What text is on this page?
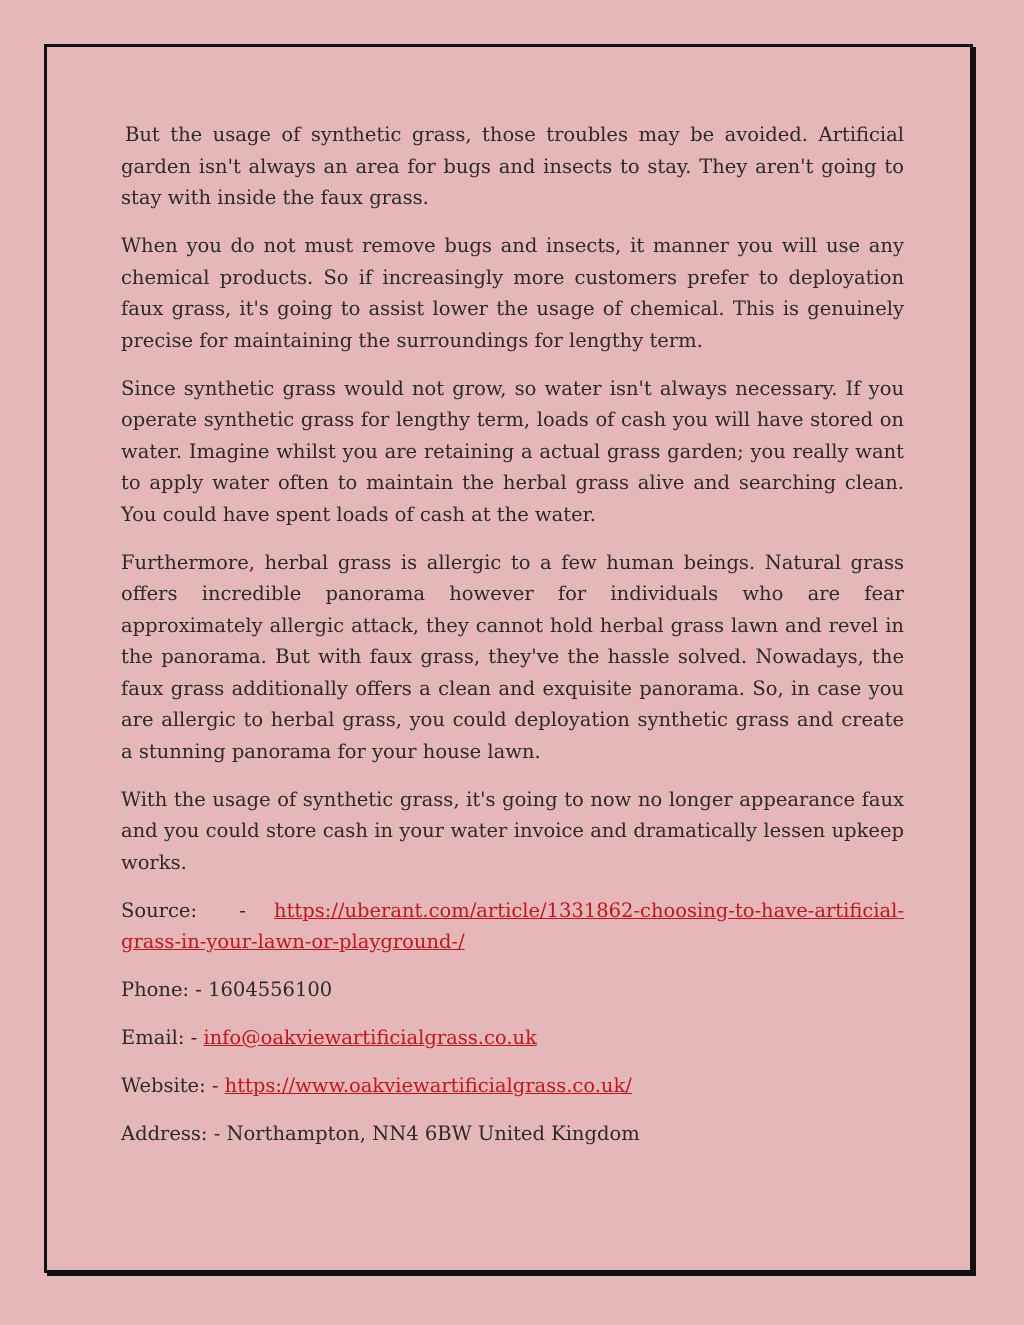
But the usage of synthetic grass, those troubles may be avoided. Artificial garden isn't always an area for bugs and insects to stay. They aren't going to stay with inside the faux grass.

When you do not must remove bugs and insects, it manner you will use any chemical products. So if increasingly more customers prefer to deployation faux grass, it's going to assist lower the usage of chemical. This is genuinely precise for maintaining the surroundings for lengthy term.

Since synthetic grass would not grow, so water isn't always necessary. If you operate synthetic grass for lengthy term, loads of cash you will have stored on water. Imagine whilst you are retaining a actual grass garden; you really want to apply water often to maintain the herbal grass alive and searching clean. You could have spent loads of cash at the water.

Furthermore, herbal grass is allergic to a few human beings. Natural grass offers incredible panorama however for individuals who are fear approximately allergic attack, they cannot hold herbal grass lawn and revel in the panorama. But with faux grass, they've the hassle solved. Nowadays, the faux grass additionally offers a clean and exquisite panorama. So, in case you are allergic to herbal grass, you could deployation synthetic grass and create a stunning panorama for your house lawn.

With the usage of synthetic grass, it's going to now no longer appearance faux and you could store cash in your water invoice and dramatically lessen upkeep works.

Source: - https://uberant.com/article/1331862-choosing-to-have-artificial-grass-in-your-lawn-or-playground-/

Phone: - 1604556100

Email: - info@oakviewartificialgrass.co.uk

Website: - https://www.oakviewartificialgrass.co.uk/

Address: - Northampton, NN4 6BW United Kingdom
